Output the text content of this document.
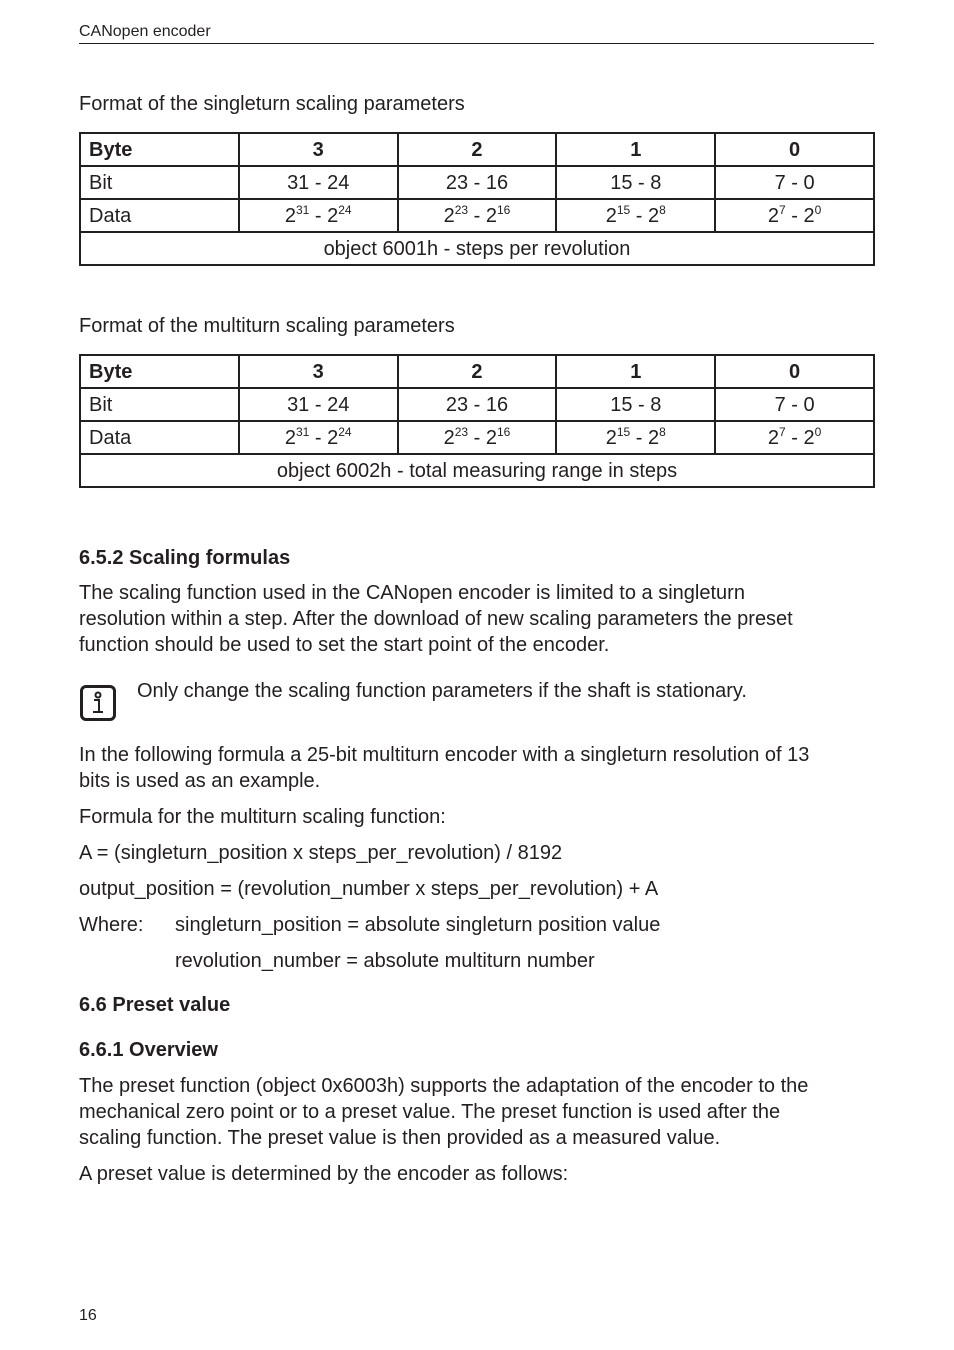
CANopen encoder
Format of the singleturn scaling parameters
Byte	3	2	1	0
Bit	31 - 24	23 - 16	15 - 8	7 - 0
Data	$2^{31} - 2^{24}$	$2^{23} - 2^{16}$	$2^{15} - 2^8$	$2^7 - 2^0$
object 6001h - steps per revolution				
Format of the multiturn scaling parameters
Byte	3	2	1	0
Bit	31 - 24	23 - 16	15 - 8	7 - 0
Data	$2^{31} - 2^{24}$	$2^{23} - 2^{16}$	$2^{15} - 2^8$	$2^7 - 2^0$
object 6002h - total measuring range in steps				
6.5.2 Scaling formulas
The scaling function used in the CANopen encoder is limited to a singleturn
resolution within a step. After the download of new scaling parameters the preset
function should be used to set the start point of the encoder.
Only change the scaling function parameters if the shaft is stationary.
In the following formula a 25-bit multiturn encoder with a singleturn resolution of 13
bits is used as an example.
Formula for the multiturn scaling function:
A = (singleturn_position x steps_per_revolution) / 8192
output_position = (revolution_number x steps_per_revolution) + A
Where: singleturn_position = absolute singleturn position value
revolution_number = absolute multiturn number
6.6 Preset value
6.6.1 Overview
The preset function (object 0x6003h) supports the adaptation of the encoder to the
mechanical zero point or to a preset value. The preset function is used after the
scaling function. The preset value is then provided as a measured value.
A preset value is determined by the encoder as follows:
16
